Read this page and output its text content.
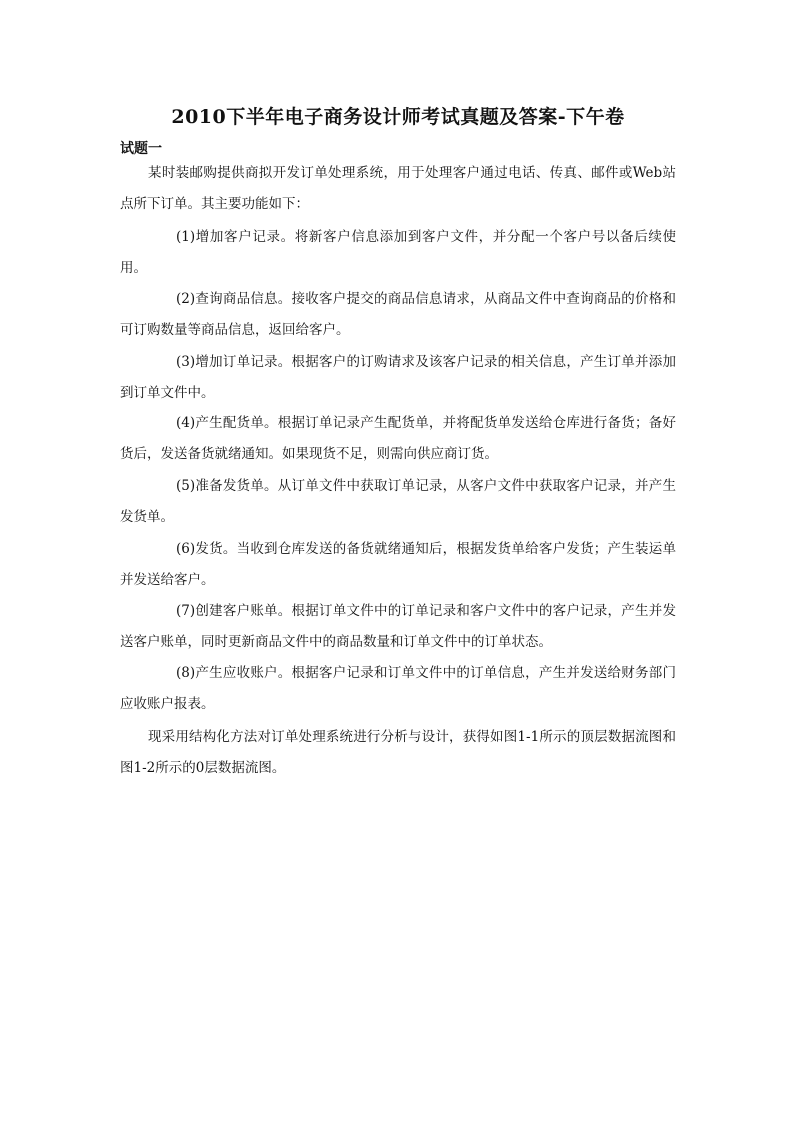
2010下半年电子商务设计师考试真题及答案-下午卷
试题一
某时装邮购提供商拟开发订单处理系统，用于处理客户通过电话、传真、邮件或Web站点所下订单。其主要功能如下：
(1)增加客户记录。将新客户信息添加到客户文件，并分配一个客户号以备后续使用。
(2)查询商品信息。接收客户提交的商品信息请求，从商品文件中查询商品的价格和可订购数量等商品信息，返回给客户。
(3)增加订单记录。根据客户的订购请求及该客户记录的相关信息，产生订单并添加到订单文件中。
(4)产生配货单。根据订单记录产生配货单，并将配货单发送给仓库进行备货；备好货后，发送备货就绪通知。如果现货不足，则需向供应商订货。
(5)准备发货单。从订单文件中获取订单记录，从客户文件中获取客户记录，并产生发货单。
(6)发货。当收到仓库发送的备货就绪通知后，根据发货单给客户发货；产生装运单并发送给客户。
(7)创建客户账单。根据订单文件中的订单记录和客户文件中的客户记录，产生并发送客户账单，同时更新商品文件中的商品数量和订单文件中的订单状态。
(8)产生应收账户。根据客户记录和订单文件中的订单信息，产生并发送给财务部门应收账户报表。
现采用结构化方法对订单处理系统进行分析与设计，获得如图1-1所示的顶层数据流图和图1-2所示的0层数据流图。
